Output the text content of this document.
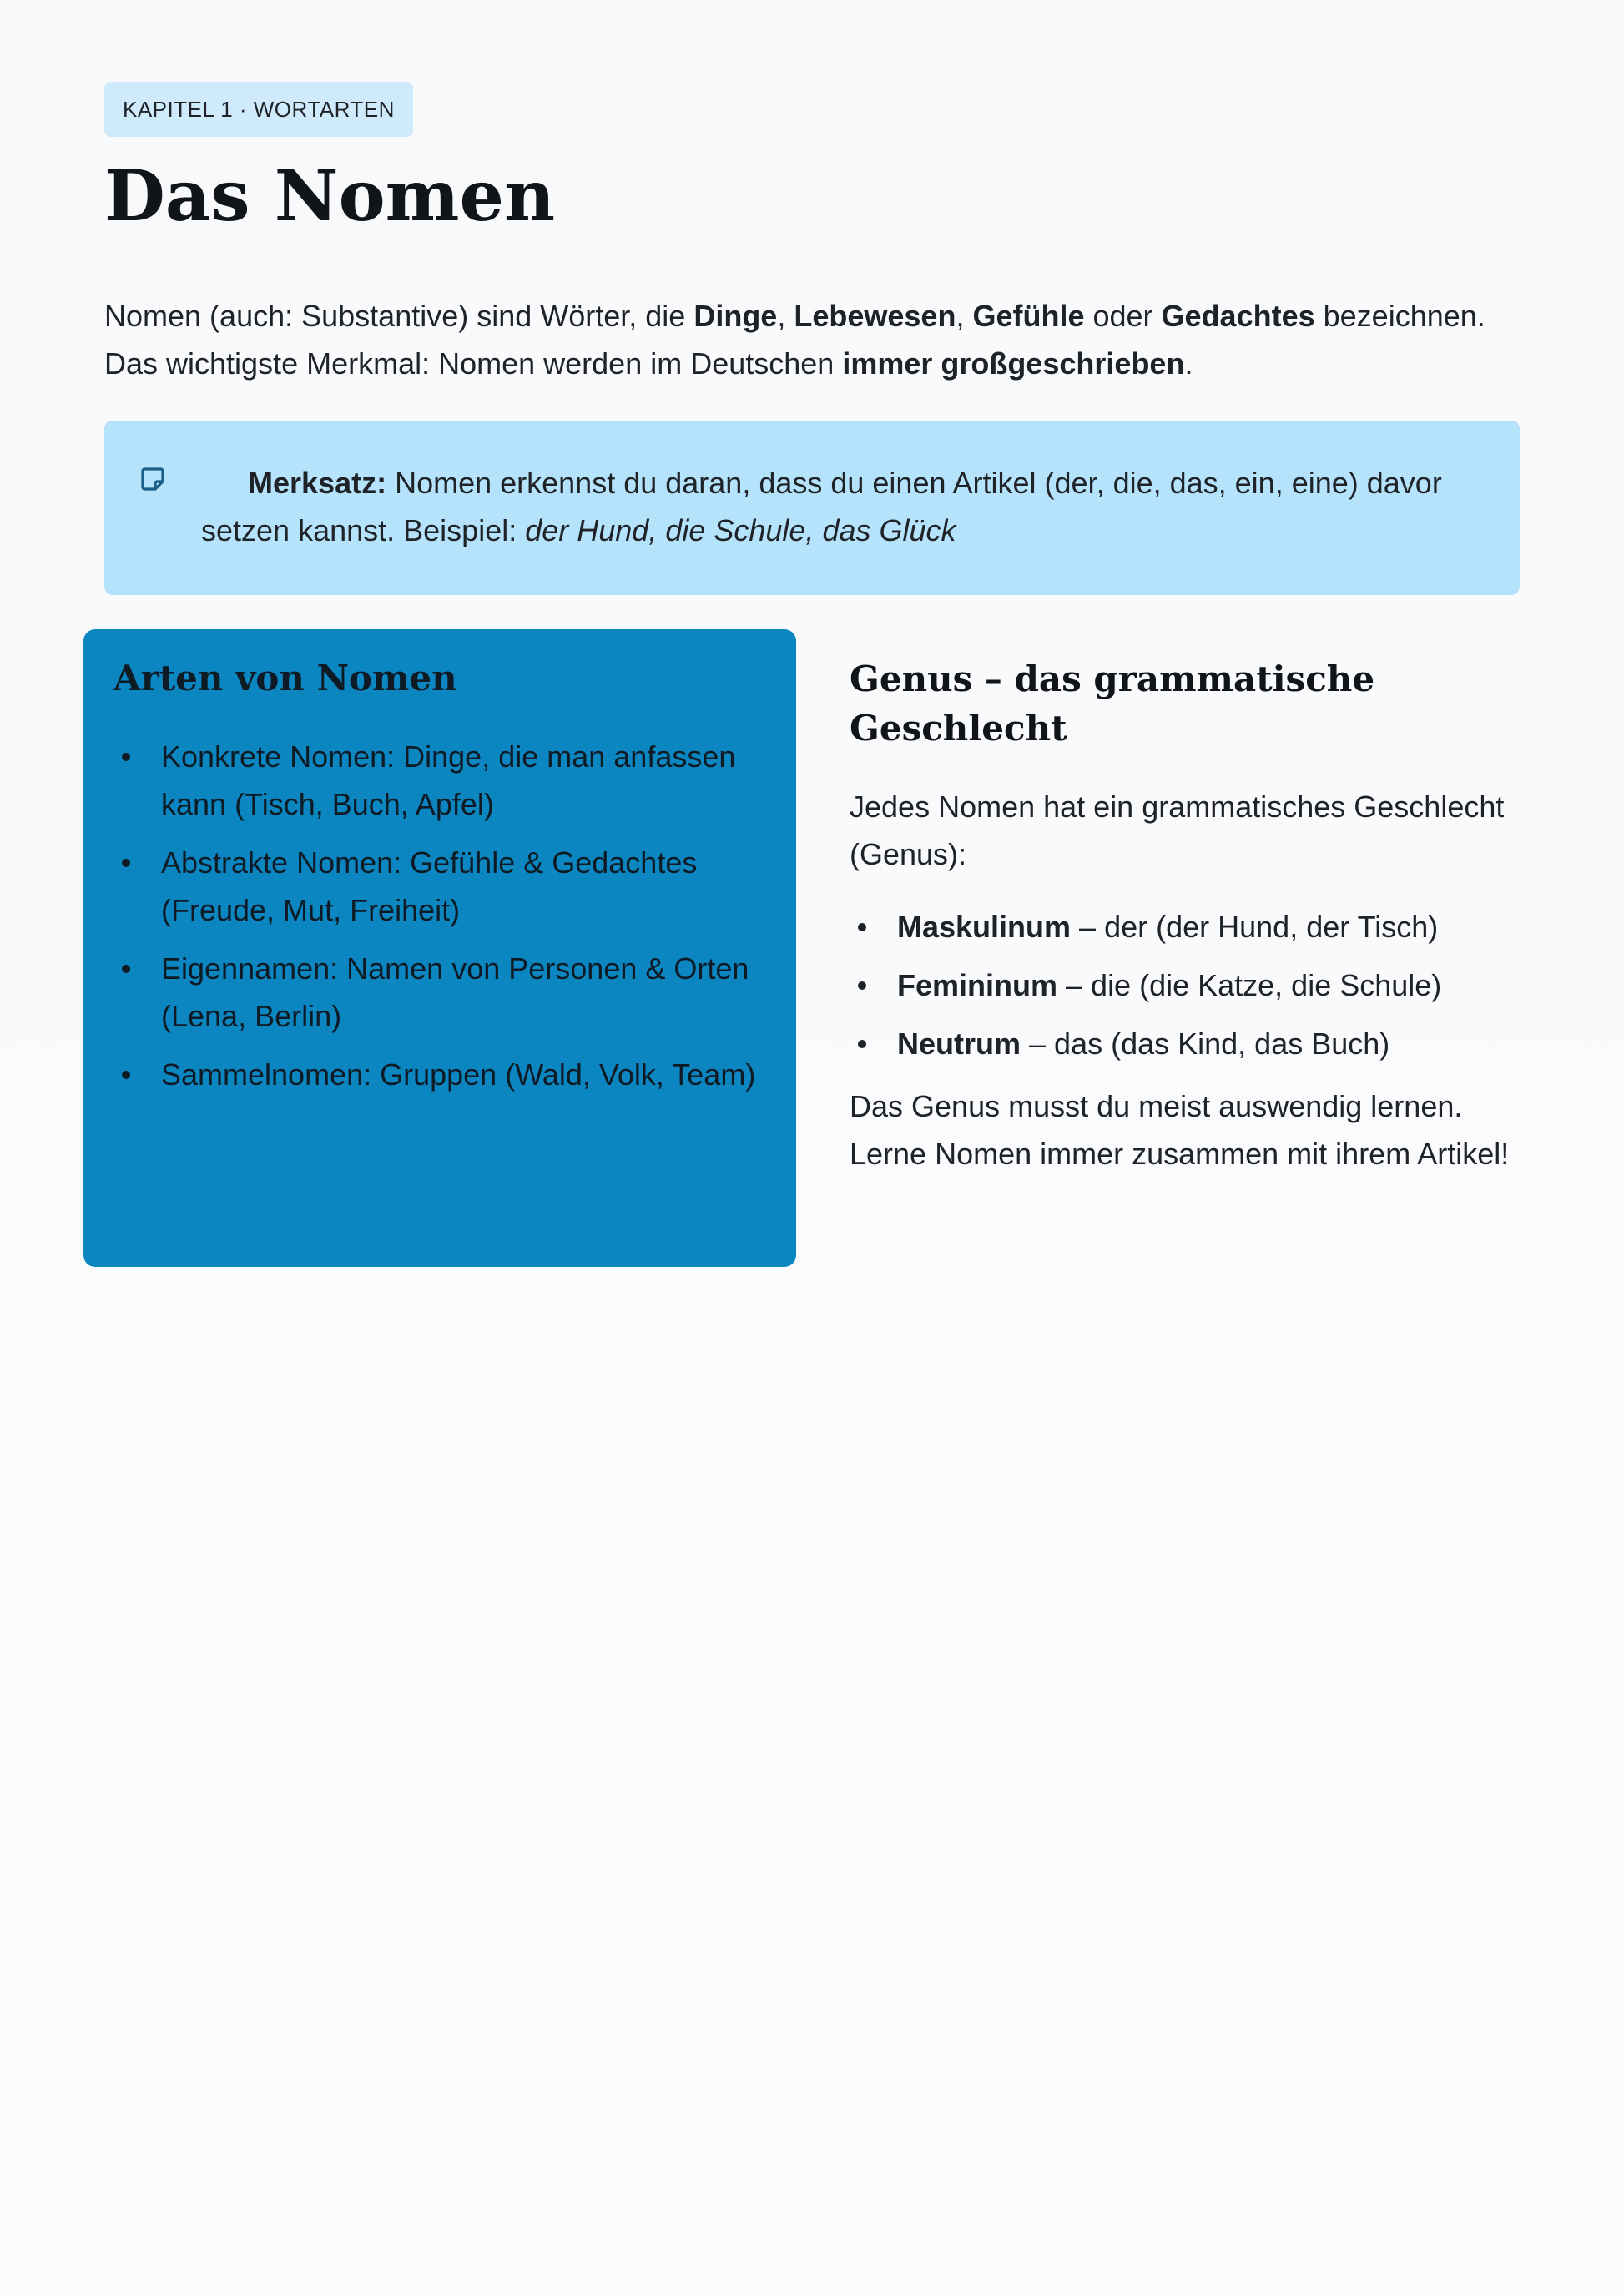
KAPITEL 1 · WORTARTEN
Das Nomen

Nomen (auch: Substantive) sind Wörter, die Dinge, Lebewesen, Gefühle oder Gedachtes bezeichnen. Das wichtigste Merkmal: Nomen werden im Deutschen immer großgeschrieben.

Merksatz: Nomen erkennst du daran, dass du einen Artikel (der, die, das, ein, eine) davor setzen kannst. Beispiel: der Hund, die Schule, das Glück

Arten von Nomen
Konkrete Nomen: Dinge, die man anfassen kann (Tisch, Buch, Apfel)
Abstrakte Nomen: Gefühle & Gedachtes (Freude, Mut, Freiheit)
Eigennamen: Namen von Personen & Orten (Lena, Berlin)
Sammelnomen: Gruppen (Wald, Volk, Team)
Genus – das grammatische Geschlecht

Jedes Nomen hat ein grammatisches Geschlecht (Genus):

Maskulinum – der (der Hund, der Tisch)
Femininum – die (die Katze, die Schule)
Neutrum – das (das Kind, das Buch)

Das Genus musst du meist auswendig lernen. Lerne Nomen immer zusammen mit ihrem Artikel!
